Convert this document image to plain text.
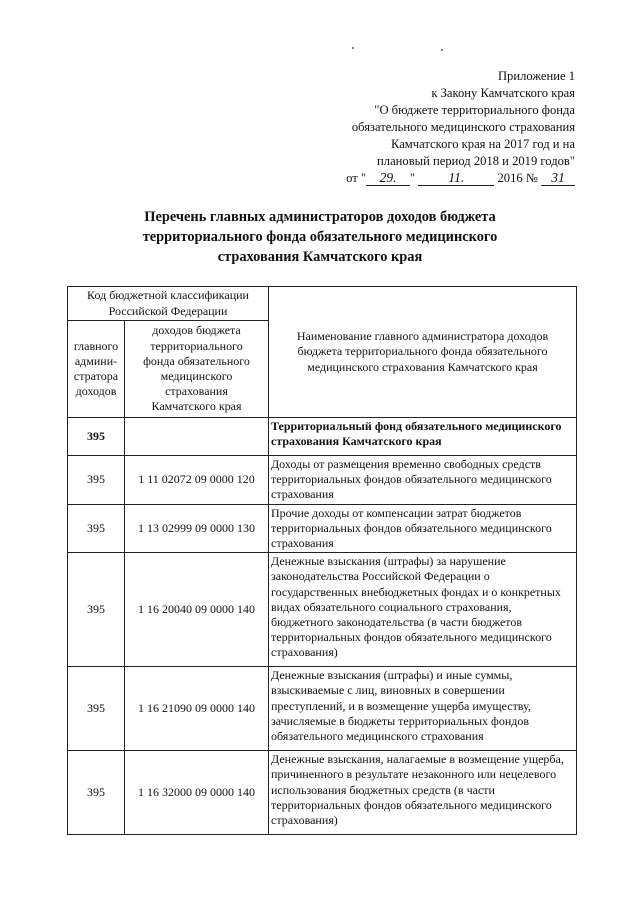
Приложение 1
к Закону Камчатского края
"О бюджете территориального фонда
обязательного медицинского страхования
Камчатского края на 2017 год и на
плановый период 2018 и 2019 годов"
от " 29. " 11.	2016 № 31
Перечень главных администраторов доходов бюджета
территориального фонда обязательного медицинского
страхования Камчатского края
Код бюджетной классификации Российской Федерации		Наименование главного администратора доходов бюджета территориального фонда обязательного медицинского страхования Камчатского края
главного админи- стратора доходов	доходов бюджета территориального фонда обязательного медицинского страхования Камчатского края	
395		Территориальный фонд обязательного медицинского страхования Камчатского края
395	1 11 02072 09 0000 120	Доходы от размещения временно свободных средств территориальных фондов обязательного медицинского страхования
395	1 13 02999 09 0000 130	Прочие доходы от компенсации затрат бюджетов территориальных фондов обязательного медицинского страхования
395	1 16 20040 09 0000 140	Денежные взыскания (штрафы) за нарушение законодательства Российской Федерации о государственных внебюджетных фондах и о конкретных видах обязательного социального страхования, бюджетного законодательства (в части бюджетов территориальных фондов обязательного медицинского страхования)
395	1 16 21090 09 0000 140	Денежные взыскания (штрафы) и иные суммы, взыскиваемые с лиц, виновных в совершении преступлений, и в возмещение ущерба имуществу, зачисляемые в бюджеты территориальных фондов обязательного медицинского страхования
395	1 16 32000 09 0000 140	Денежные взыскания, налагаемые в возмещение ущерба, причиненного в результате незаконного или нецелевого использования бюджетных средств (в части территориальных фондов обязательного медицинского страхования)
